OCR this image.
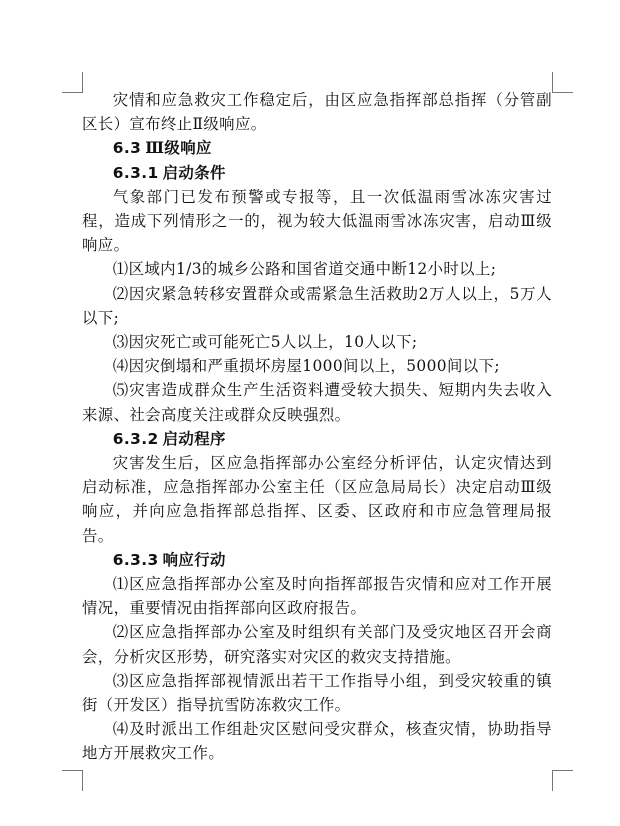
灾情和应急救灾工作稳定后，由区应急指挥部总指挥（分管副区长）宣布终止Ⅱ级响应。

6.3 Ⅲ级响应
6.3.1 启动条件

气象部门已发布预警或专报等，且一次低温雨雪冰冻灾害过程，造成下列情形之一的，视为较大低温雨雪冰冻灾害，启动Ⅲ级响应。

⑴区域内1/3的城乡公路和国省道交通中断12小时以上;

⑵因灾紧急转移安置群众或需紧急生活救助2万人以上，5万人以下;

⑶因灾死亡或可能死亡5人以上，10人以下;

⑷因灾倒塌和严重损坏房屋1000间以上，5000间以下;

⑸灾害造成群众生产生活资料遭受较大损失、短期内失去收入来源、社会高度关注或群众反映强烈。

6.3.2 启动程序

灾害发生后，区应急指挥部办公室经分析评估，认定灾情达到启动标准，应急指挥部办公室主任（区应急局局长）决定启动Ⅲ级响应，并向应急指挥部总指挥、区委、区政府和市应急管理局报告。

6.3.3 响应行动

⑴区应急指挥部办公室及时向指挥部报告灾情和应对工作开展情况，重要情况由指挥部向区政府报告。

⑵区应急指挥部办公室及时组织有关部门及受灾地区召开会商会，分析灾区形势，研究落实对灾区的救灾支持措施。

⑶区应急指挥部视情派出若干工作指导小组，到受灾较重的镇街（开发区）指导抗雪防冻救灾工作。

⑷及时派出工作组赴灾区慰问受灾群众，核查灾情，协助指导地方开展救灾工作。
